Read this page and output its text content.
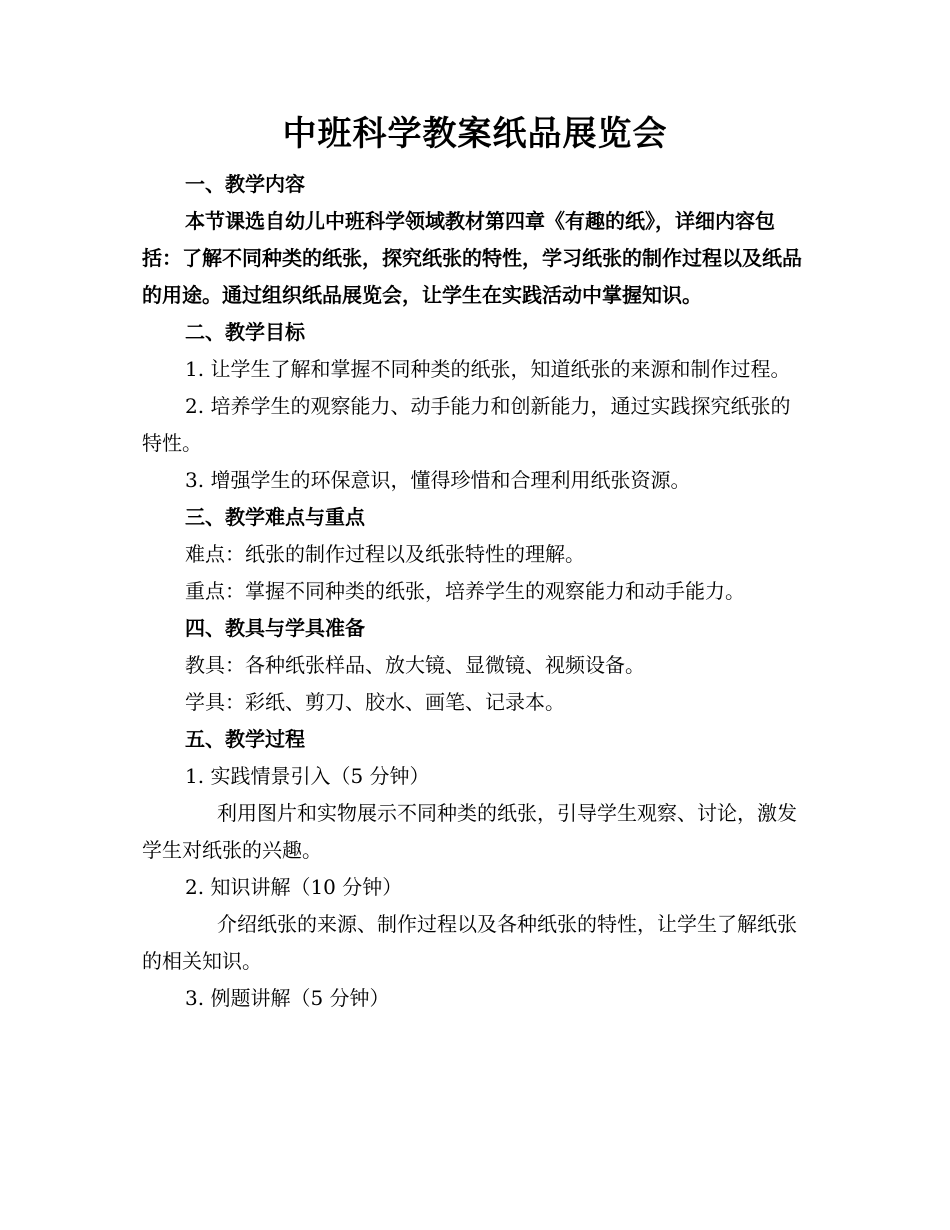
中班科学教案纸品展览会

一、教学内容

本节课选自幼儿中班科学领域教材第四章《有趣的纸》，详细内容包括：了解不同种类的纸张，探究纸张的特性，学习纸张的制作过程以及纸品的用途。通过组织纸品展览会，让学生在实践活动中掌握知识。

二、教学目标

1. 让学生了解和掌握不同种类的纸张，知道纸张的来源和制作过程。

2. 培养学生的观察能力、动手能力和创新能力，通过实践探究纸张的特性。

3. 增强学生的环保意识，懂得珍惜和合理利用纸张资源。

三、教学难点与重点

难点：纸张的制作过程以及纸张特性的理解。

重点：掌握不同种类的纸张，培养学生的观察能力和动手能力。

四、教具与学具准备

教具：各种纸张样品、放大镜、显微镜、视频设备。

学具：彩纸、剪刀、胶水、画笔、记录本。

五、教学过程

1. 实践情景引入（5 分钟）

利用图片和实物展示不同种类的纸张，引导学生观察、讨论，激发学生对纸张的兴趣。

2. 知识讲解（10 分钟）

介绍纸张的来源、制作过程以及各种纸张的特性，让学生了解纸张的相关知识。

3. 例题讲解（5 分钟）
